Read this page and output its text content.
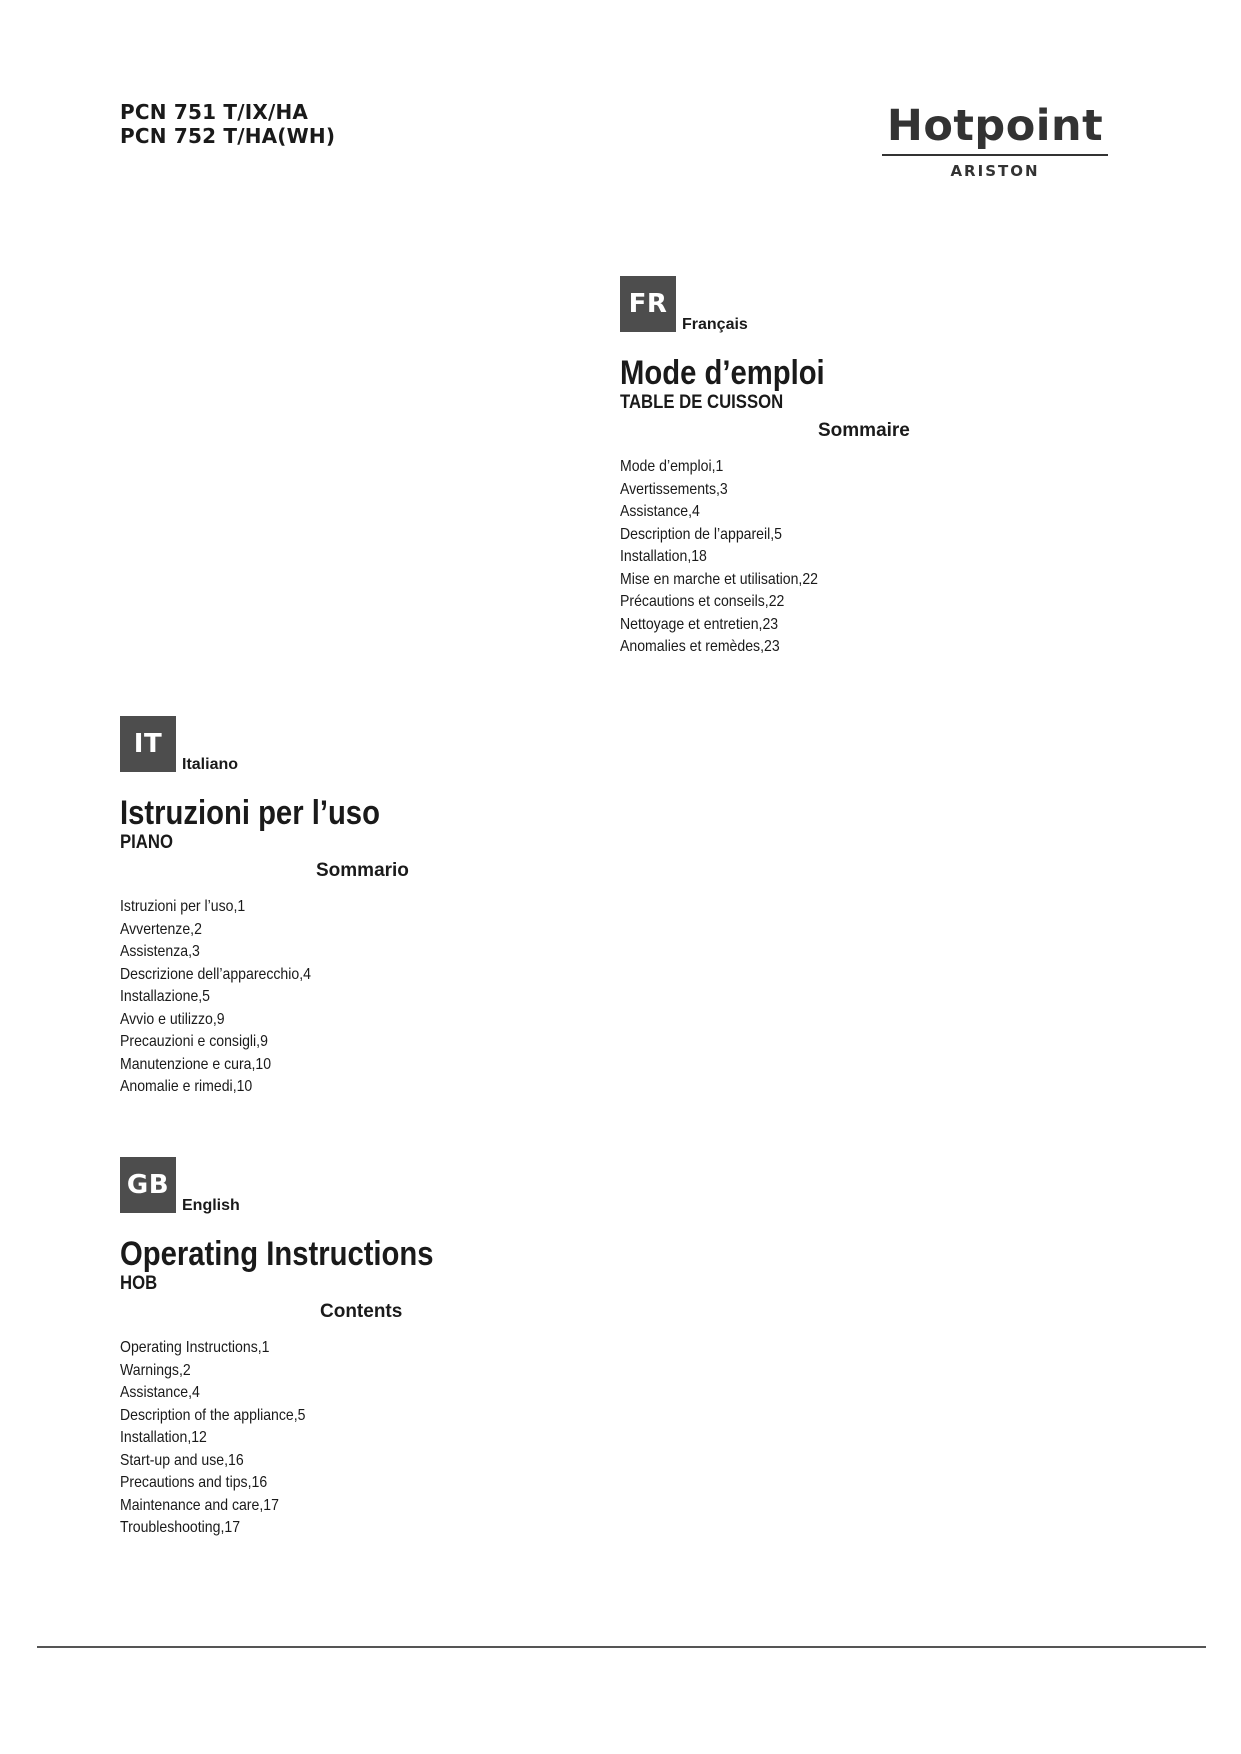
PCN 751 T/IX/HA
PCN 752 T/HA(WH)	Hotpoint
ARISTON
FR
Français
Mode d’emploi
TABLE DE CUISSON
Sommaire
Mode d’emploi,1
Avertissements,3
Assistance,4
Description de l’appareil,5
Installation,18
Mise en marche et utilisation,22
Précautions et conseils,22
Nettoyage et entretien,23
Anomalies et remèdes,23
IT
Italiano
Istruzioni per l’uso
PIANO
Sommario
Istruzioni per l’uso,1
Avvertenze,2
Assistenza,3
Descrizione dell’apparecchio,4
Installazione,5
Avvio e utilizzo,9
Precauzioni e consigli,9
Manutenzione e cura,10
Anomalie e rimedi,10
GB
English
Operating Instructions
HOB
Contents
Operating Instructions,1
Warnings,2
Assistance,4
Description of the appliance,5
Installation,12
Start-up and use,16
Precautions and tips,16
Maintenance and care,17
Troubleshooting,17
